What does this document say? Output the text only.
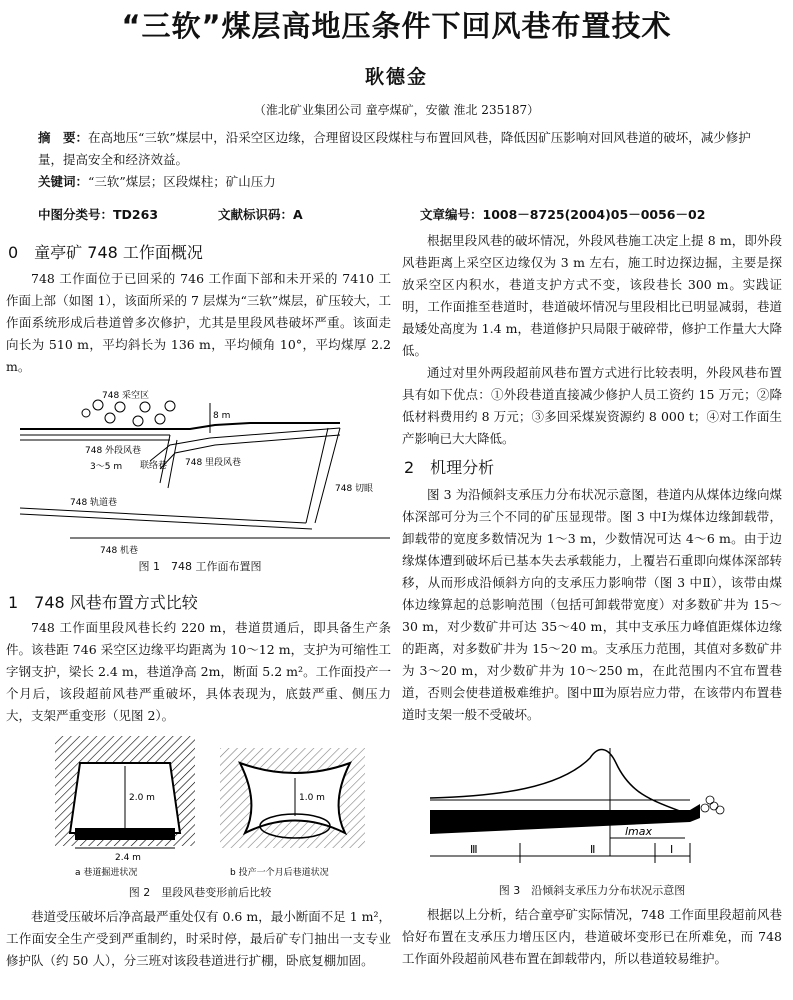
“三软”煤层高地压条件下回风巷布置技术
耿德金
（淮北矿业集团公司 童亭煤矿，安徽 淮北 235187）
摘　要：在高地压“三软”煤层中，沿采空区边缘，合理留设区段煤柱与布置回风巷，降低因矿压影响对回风巷道的破坏，减少修护量，提高安全和经济效益。
关键词：“三软”煤层；区段煤柱；矿山压力
中图分类号：TD263	文献标识码：A	文章编号：1008－8725(2004)05－0056－02
0　童亭矿 748 工作面概况

748 工作面位于已回采的 746 工作面下部和未开采的 7410 工作面上部（如图 1），该面所采的 7 层煤为“三软”煤层，矿压较大，工作面系统形成后巷道曾多次修护，尤其是里段风巷破坏严重。该面走向长为 510 m，平均斜长为 136 m，平均倾角 10°，平均煤厚 2.2 m。

8 m
748 采空区
748 外段风巷
3～5 m 联络巷 748 里段风巷
748 切眼
748 轨道巷
748 机巷
图 1　748 工作面布置图
1　748 风巷布置方式比较

748 工作面里段风巷长约 220 m，巷道贯通后，即具备生产条件。该巷距 746 采空区边缘平均距离为 10～12 m，支护为可缩性工字钢支护，梁长 2.4 m，巷道净高 2m，断面 5.2 m²。工作面投产一个月后，该段超前风巷严重破坏，具体表现为，底鼓严重、侧压力大，支架严重变形（见图 2）。

2.0 m
2.4 m
a 巷道掘进状况
1.0 m
b 投产一个月后巷道状况
图 2　里段风巷变形前后比较

巷道受压破坏后净高最严重处仅有 0.6 m，最小断面不足 1 m²，工作面安全生产受到严重制约，时采时停，最后矿专门抽出一支专业修护队（约 50 人），分三班对该段巷道进行扩棚，卧底复棚加固。

根据里段风巷的破坏情况，外段风巷施工决定上提 8 m，即外段风巷距离上采空区边缘仅为 3 m 左右，施工时边探边掘，主要是探放采空区内积水，巷道支护方式不变，该段巷长 300 m。实践证明，工作面推至巷道时，巷道破坏情况与里段相比已明显减弱，巷道最矮处高度为 1.4 m，巷道修护只局限于破碎带，修护工作量大大降低。

通过对里外两段超前风巷布置方式进行比较表明，外段风巷布置具有如下优点：①外段巷道直接减少修护人员工资约 15 万元；②降低材料费用约 8 万元；③多回采煤炭资源约 8 000 t；④对工作面生产影响已大大降低。

2　机理分析

图 3 为沿倾斜支承压力分布状况示意图，巷道内从煤体边缘向煤体深部可分为三个不同的矿压显现带。图 3 中Ⅰ为煤体边缘卸载带，卸载带的宽度多数情况为 1～3 m，少数情况可达 4～6 m。由于边缘煤体遭到破坏后已基本失去承载能力，上覆岩石重即向煤体深部转移，从而形成沿倾斜方向的支承压力影响带（图 3 中Ⅱ），该带由煤体边缘算起的总影响范围（包括可卸载带宽度）对多数矿井为 15～30 m，对少数矿井可达 35～40 m，其中支承压力峰值距煤体边缘的距离，对多数矿井为 15～20 m。支承压力范围，其值对多数矿井为 3～20 m，对少数矿井为 10～250 m，在此范围内不宜布置巷道，否则会使巷道极难维护。图中Ⅲ为原岩应力带，在该带内布置巷道时支架一般不受破坏。

lmax
Ⅲ	Ⅱ	Ⅰ
图 3　沿倾斜支承压力分布状况示意图

根据以上分析，结合童亭矿实际情况，748 工作面里段超前风巷恰好布置在支承压力增压区内，巷道破坏变形已在所难免，而 748 工作面外段超前风巷布置在卸载带内，所以巷道较易维护。
